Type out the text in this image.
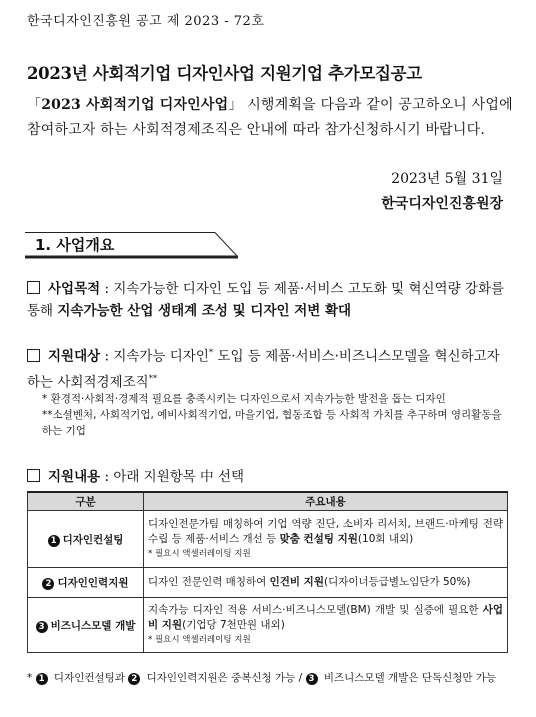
한국디자인진흥원 공고 제 2023 - 72호
2023년 사회적기업 디자인사업 지원기업 추가모집공고
「2023 사회적기업 디자인사업」 시행계획을 다음과 같이 공고하오니 사업에 참여하고자 하는 사회적경제조직은 안내에 따라 참가신청하시기 바랍니다.
2023년 5월 31일
한국디자인진흥원장
1. 사업개요
사업목적 : 지속가능한 디자인 도입 등 제품·서비스 고도화 및 혁신역량 강화를 통해 지속가능한 산업 생태계 조성 및 디자인 저변 확대
지원대상 : 지속가능 디자인* 도입 등 제품·서비스·비즈니스모델을 혁신하고자 하는 사회적경제조직**
* 환경적·사회적·경제적 필요를 충족시키는 디자인으로서 지속가능한 발전을 돕는 디자인
**소셜벤처, 사회적기업, 예비사회적기업, 마을기업, 협동조합 등 사회적 가치를 추구하며 영리활동을 하는 기업
지원내용 : 아래 지원항목 中 선택
구분	주요내용
1 디자인컨설팅	디자인전문가팀 매칭하여 기업 역량 진단, 소비자 리서치, 브랜드·마케팅 전략 수립 등 제품·서비스 개선 등 맞춤 컨설팅 지원(10회 내외)
* 필요시 액셀러레이팅 지원

2 디자인인력지원	디자인 전문인력 매칭하여 인건비 지원(디자이너등급별노임단가 50%)
3 비즈니스모델 개발	지속가능 디자인 적용 서비스·비즈니스모델(BM) 개발 및 실증에 필요한 사업비 지원(기업당 7천만원 내외)
* 필요시 액셀러레이팅 지원
* 1 디자인컨설팅과 2 디자인인력지원은 중복신청 가능 / 3 비즈니스모델 개발은 단독신청만 가능
